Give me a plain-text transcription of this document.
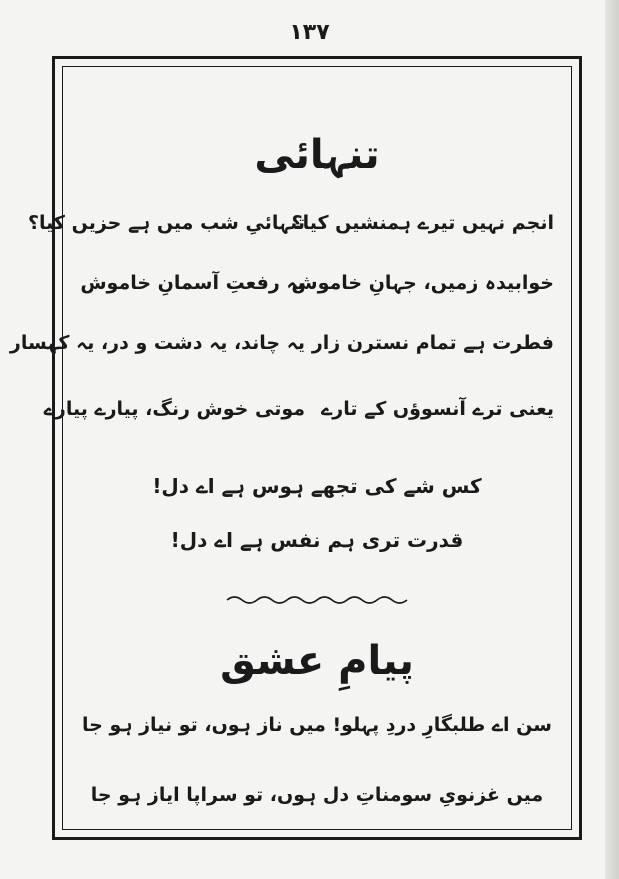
۱۳۷
تنہائی
تنہائیِ شب میں ہے حزیں کیا؟
انجم نہیں تیرے ہمنشیں کیا؟
یہ رفعتِ آسمانِ خاموش
خوابیدہ زمیں، جہانِ خاموش
یہ چاند، یہ دشت و در، یہ کہسار فطرت ہے تمام نسترن زار
موتی خوش رنگ، پیارے پیارے یعنی ترے آنسوؤں کے تارے
کس شے کی تجھے ہوس ہے اے دل!
قدرت تری ہم نفس ہے اے دل!
پیامِ عشق
سن اے طلبگارِ دردِ پہلو! میں ناز ہوں، تو نیاز ہو جا
میں غزنویِ سومناتِ دل ہوں، تو سراپا ایاز ہو جا
